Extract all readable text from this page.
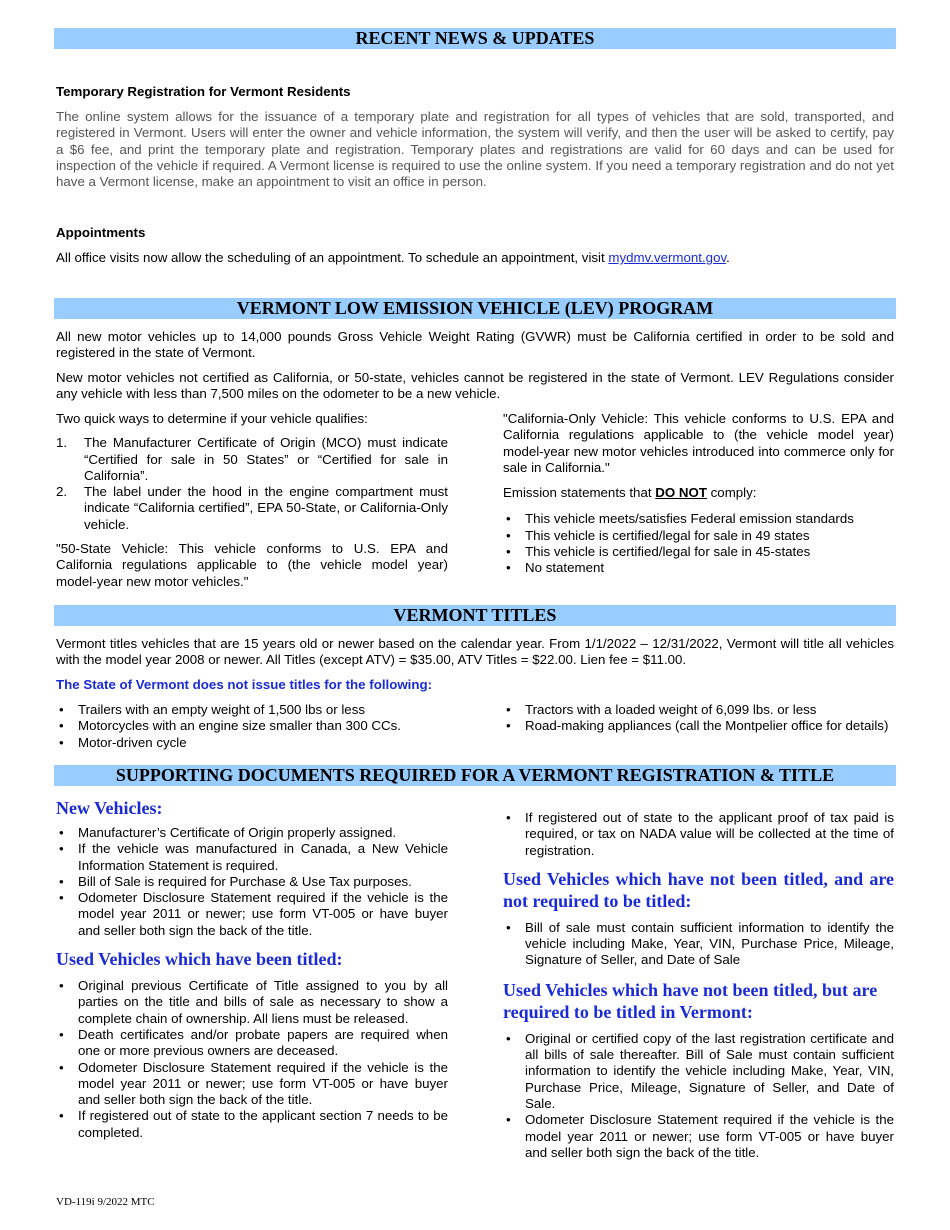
RECENT NEWS & UPDATES
Temporary Registration for Vermont Residents
The online system allows for the issuance of a temporary plate and registration for all types of vehicles that are sold, transported, and registered in Vermont. Users will enter the owner and vehicle information, the system will verify, and then the user will be asked to certify, pay a $6 fee, and print the temporary plate and registration. Temporary plates and registrations are valid for 60 days and can be used for inspection of the vehicle if required. A Vermont license is required to use the online system. If you need a temporary registration and do not yet have a Vermont license, make an appointment to visit an office in person.
Appointments
All office visits now allow the scheduling of an appointment. To schedule an appointment, visit mydmv.vermont.gov.
VERMONT LOW EMISSION VEHICLE (LEV) PROGRAM
All new motor vehicles up to 14,000 pounds Gross Vehicle Weight Rating (GVWR) must be California certified in order to be sold and registered in the state of Vermont.
New motor vehicles not certified as California, or 50-state, vehicles cannot be registered in the state of Vermont. LEV Regulations consider any vehicle with less than 7,500 miles on the odometer to be a new vehicle.
Two quick ways to determine if your vehicle qualifies:
1. The Manufacturer Certificate of Origin (MCO) must indicate “Certified for sale in 50 States” or “Certified for sale in California”.
2. The label under the hood in the engine compartment must indicate “California certified”, EPA 50-State, or California-Only vehicle.
"50-State Vehicle: This vehicle conforms to U.S. EPA and California regulations applicable to (the vehicle model year) model-year new motor vehicles."
"California-Only Vehicle: This vehicle conforms to U.S. EPA and California regulations applicable to (the vehicle model year) model-year new motor vehicles introduced into commerce only for sale in California."
Emission statements that DO NOT comply:
• This vehicle meets/satisfies Federal emission standards
• This vehicle is certified/legal for sale in 49 states
• This vehicle is certified/legal for sale in 45-states
• No statement
VERMONT TITLES
Vermont titles vehicles that are 15 years old or newer based on the calendar year. From 1/1/2022 – 12/31/2022, Vermont will title all vehicles with the model year 2008 or newer. All Titles (except ATV) = $35.00, ATV Titles = $22.00. Lien fee = $11.00.
The State of Vermont does not issue titles for the following:
• Trailers with an empty weight of 1,500 lbs or less
• Motorcycles with an engine size smaller than 300 CCs.
• Motor-driven cycle
• Tractors with a loaded weight of 6,099 lbs. or less
• Road-making appliances (call the Montpelier office for details)
SUPPORTING DOCUMENTS REQUIRED FOR A VERMONT REGISTRATION & TITLE
New Vehicles:
• Manufacturer’s Certificate of Origin properly assigned.
• If the vehicle was manufactured in Canada, a New Vehicle Information Statement is required.
• Bill of Sale is required for Purchase & Use Tax purposes.
• Odometer Disclosure Statement required if the vehicle is the model year 2011 or newer; use form VT-005 or have buyer and seller both sign the back of the title.
Used Vehicles which have been titled:
• Original previous Certificate of Title assigned to you by all parties on the title and bills of sale as necessary to show a complete chain of ownership. All liens must be released.
• Death certificates and/or probate papers are required when one or more previous owners are deceased.
• Odometer Disclosure Statement required if the vehicle is the model year 2011 or newer; use form VT-005 or have buyer and seller both sign the back of the title.
• If registered out of state to the applicant section 7 needs to be completed.
• If registered out of state to the applicant proof of tax paid is required, or tax on NADA value will be collected at the time of registration.
Used Vehicles which have not been titled, and are not required to be titled:
• Bill of sale must contain sufficient information to identify the vehicle including Make, Year, VIN, Purchase Price, Mileage, Signature of Seller, and Date of Sale
Used Vehicles which have not been titled, but are required to be titled in Vermont:
• Original or certified copy of the last registration certificate and all bills of sale thereafter. Bill of Sale must contain sufficient information to identify the vehicle including Make, Year, VIN, Purchase Price, Mileage, Signature of Seller, and Date of Sale.
• Odometer Disclosure Statement required if the vehicle is the model year 2011 or newer; use form VT-005 or have buyer and seller both sign the back of the title.
VD-119i 9/2022 MTC
